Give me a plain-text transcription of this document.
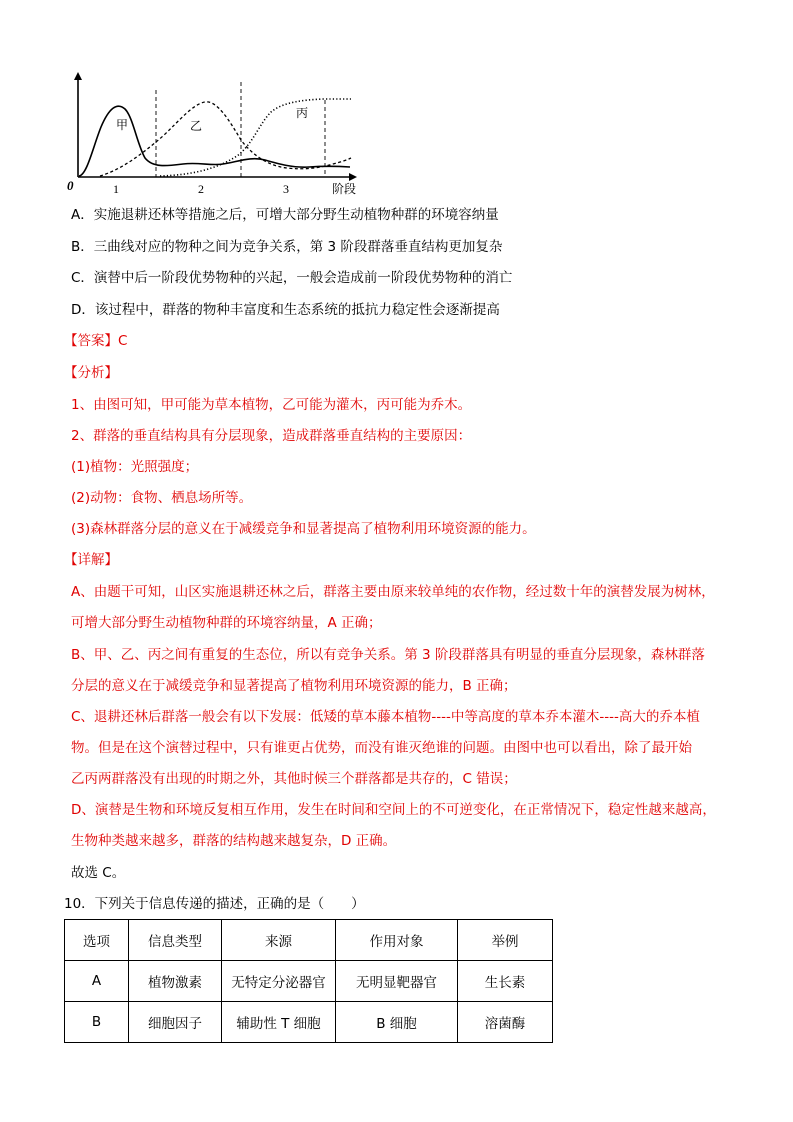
0	1	2	3	阶段
甲	乙
丙
A．实施退耕还林等措施之后，可增大部分野生动植物种群的环境容纳量
B．三曲线对应的物种之间为竞争关系，第 3 阶段群落垂直结构更加复杂
C．演替中后一阶段优势物种的兴起，一般会造成前一阶段优势物种的消亡
D．该过程中，群落的物种丰富度和生态系统的抵抗力稳定性会逐渐提高
【答案】C
【分析】
1、由图可知，甲可能为草本植物，乙可能为灌木，丙可能为乔木。
2、群落的垂直结构具有分层现象，造成群落垂直结构的主要原因：
(1)植物：光照强度；
(2)动物：食物、栖息场所等。
(3)森林群落分层的意义在于减缓竞争和显著提高了植物利用环境资源的能力。
【详解】
A、由题干可知，山区实施退耕还林之后，群落主要由原来较单纯的农作物，经过数十年的演替发展为树林，
可增大部分野生动植物种群的环境容纳量，A 正确；
B、甲、乙、丙之间有重复的生态位，所以有竞争关系。第 3 阶段群落具有明显的垂直分层现象，森林群落
分层的意义在于减缓竞争和显著提高了植物利用环境资源的能力，B 正确；
C、退耕还林后群落一般会有以下发展：低矮的草本藤本植物----中等高度的草本乔本灌木----高大的乔本植
物。但是在这个演替过程中，只有谁更占优势，而没有谁灭绝谁的问题。由图中也可以看出，除了最开始
乙丙两群落没有出现的时期之外，其他时候三个群落都是共存的，C 错误；
D、演替是生物和环境反复相互作用，发生在时间和空间上的不可逆变化，在正常情况下，稳定性越来越高，
生物种类越来越多，群落的结构越来越复杂，D 正确。
故选 C。
10．下列关于信息传递的描述，正确的是（　　）
选项	信息类型	来源	作用对象	举例
A	植物激素	无特定分泌器官	无明显靶器官	生长素
B	细胞因子	辅助性 T 细胞	B 细胞	溶菌酶
